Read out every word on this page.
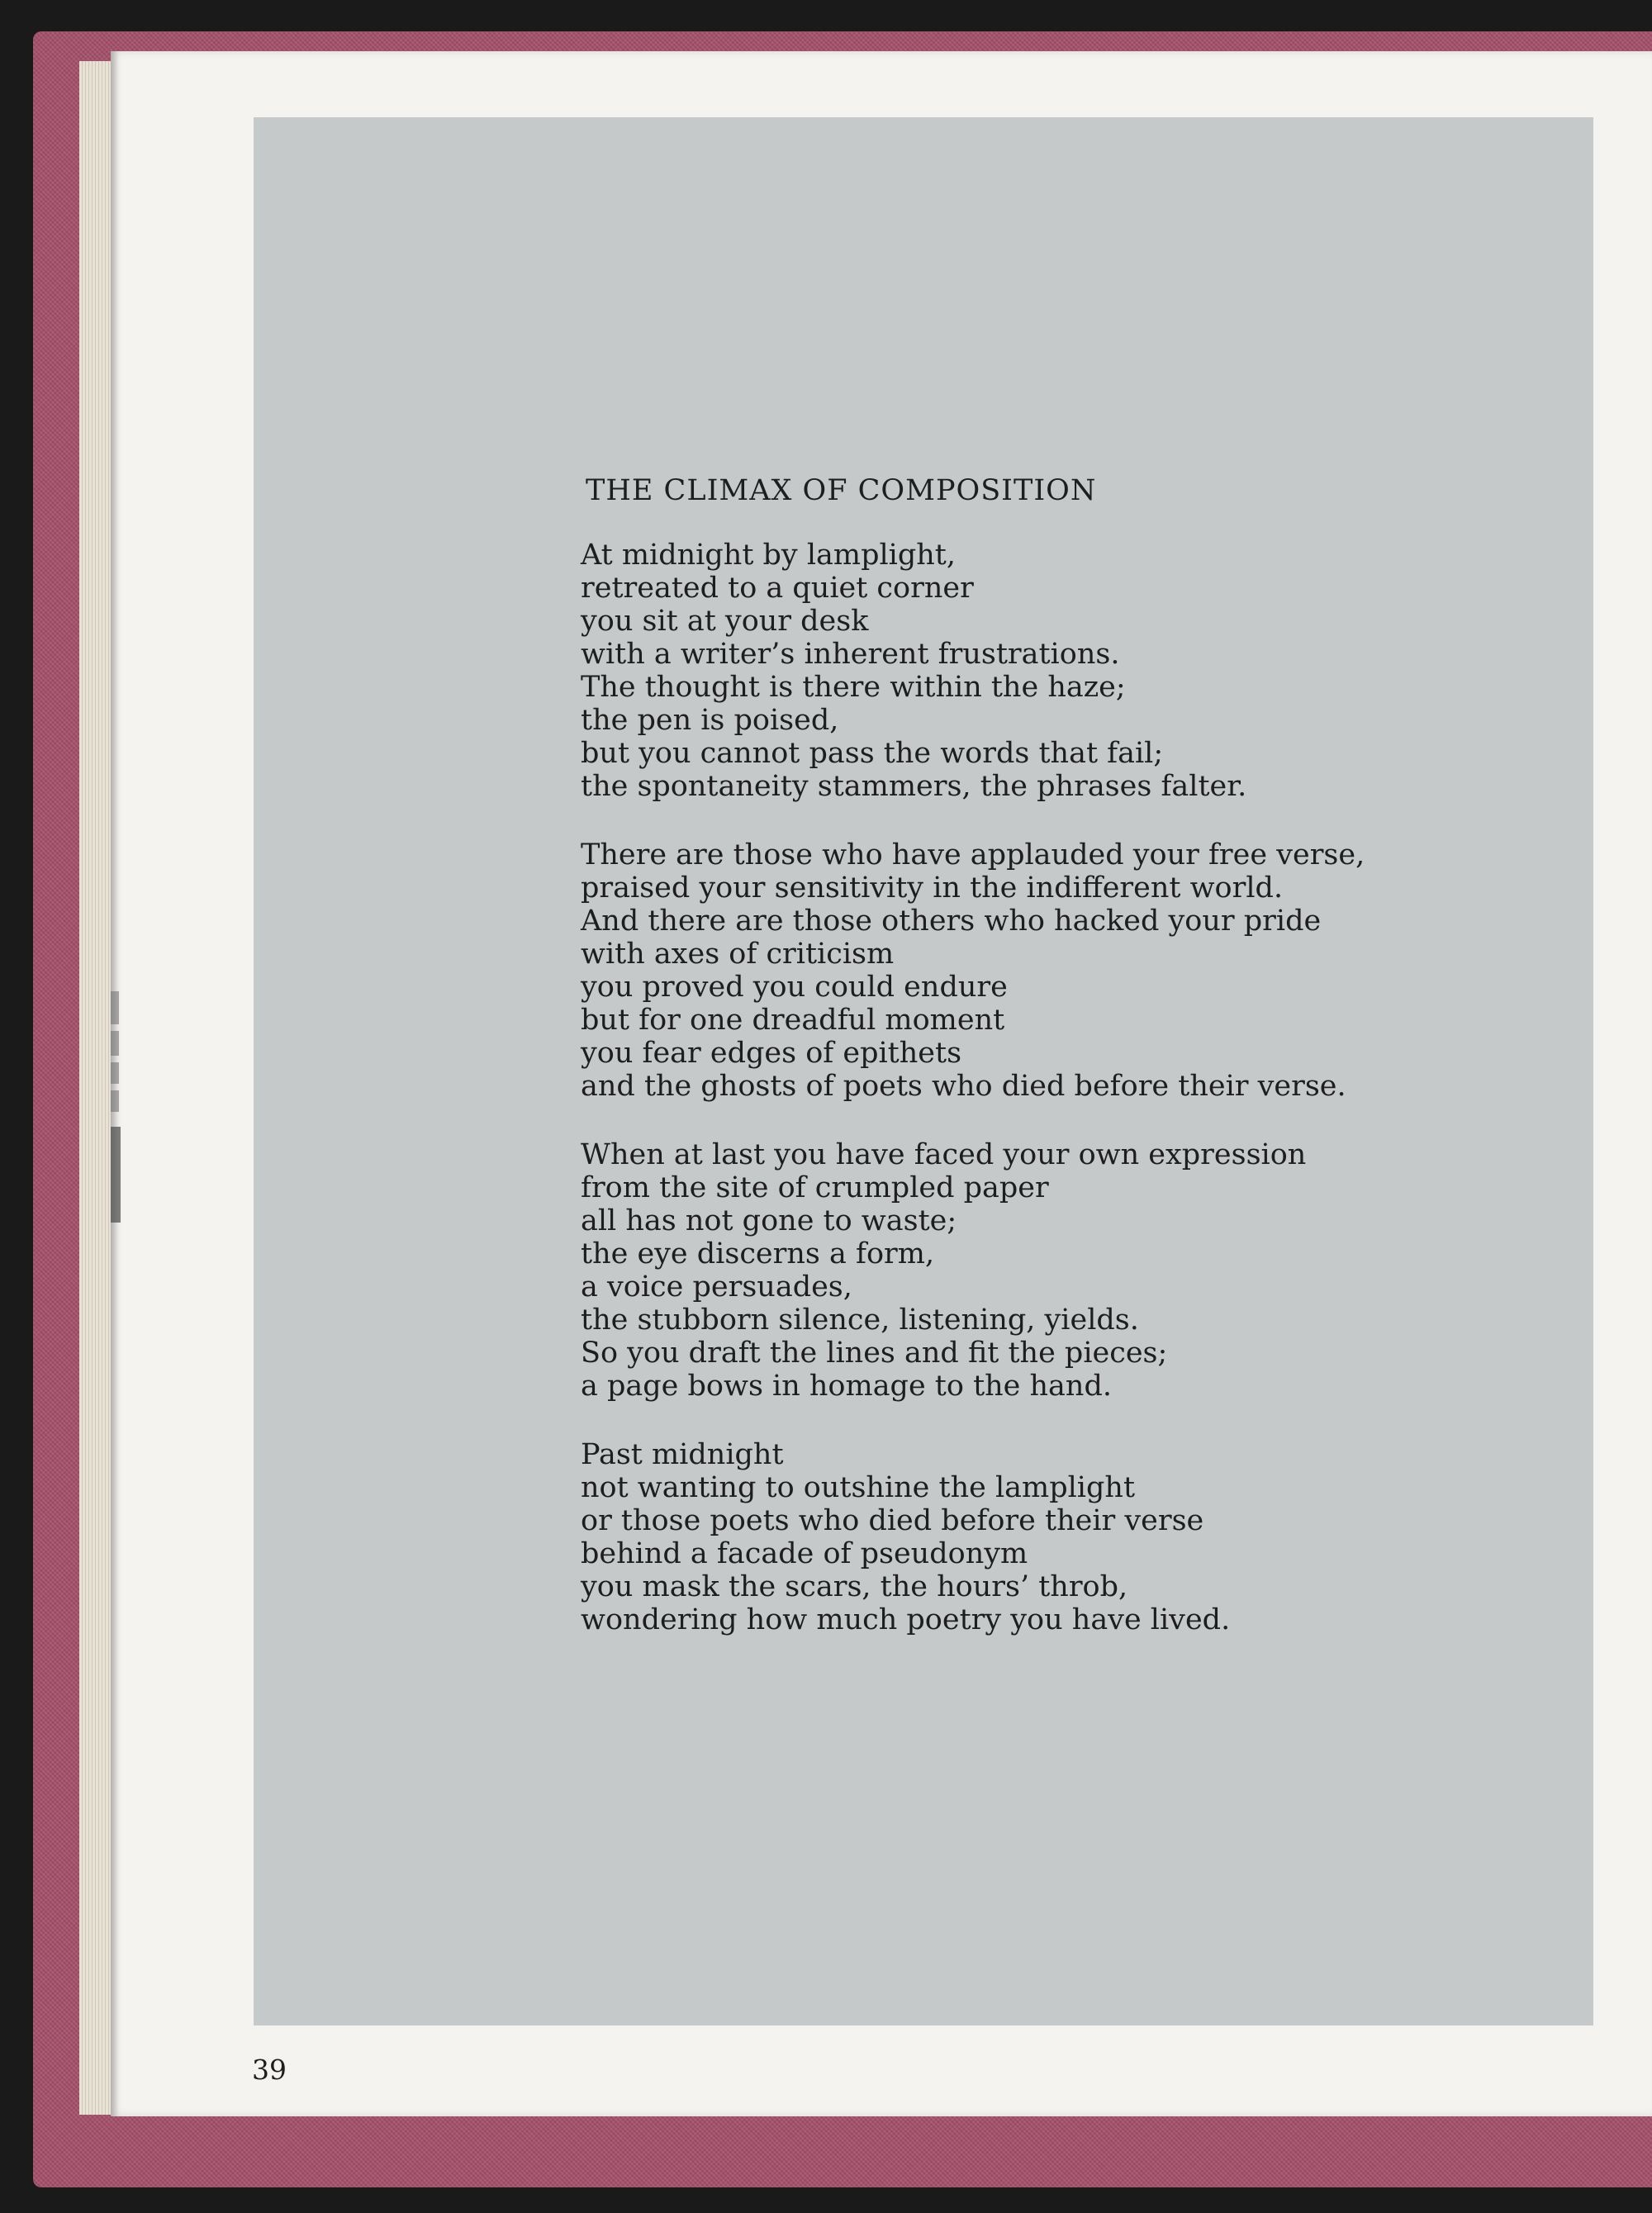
THE CLIMAX OF COMPOSITION
At midnight by lamplight,
retreated to a quiet corner
you sit at your desk
with a writer’s inherent frustrations.
The thought is there within the haze;
the pen is poised,
but you cannot pass the words that fail;
the spontaneity stammers, the phrases falter.
There are those who have applauded your free verse,
praised your sensitivity in the indifferent world.
And there are those others who hacked your pride
with axes of criticism
you proved you could endure
but for one dreadful moment
you fear edges of epithets
and the ghosts of poets who died before their verse.
When at last you have faced your own expression
from the site of crumpled paper
all has not gone to waste;
the eye discerns a form,
a voice persuades,
the stubborn silence, listening, yields.
So you draft the lines and fit the pieces;
a page bows in homage to the hand.
Past midnight
not wanting to outshine the lamplight
or those poets who died before their verse
behind a facade of pseudonym
you mask the scars, the hours’ throb,
wondering how much poetry you have lived.
39
